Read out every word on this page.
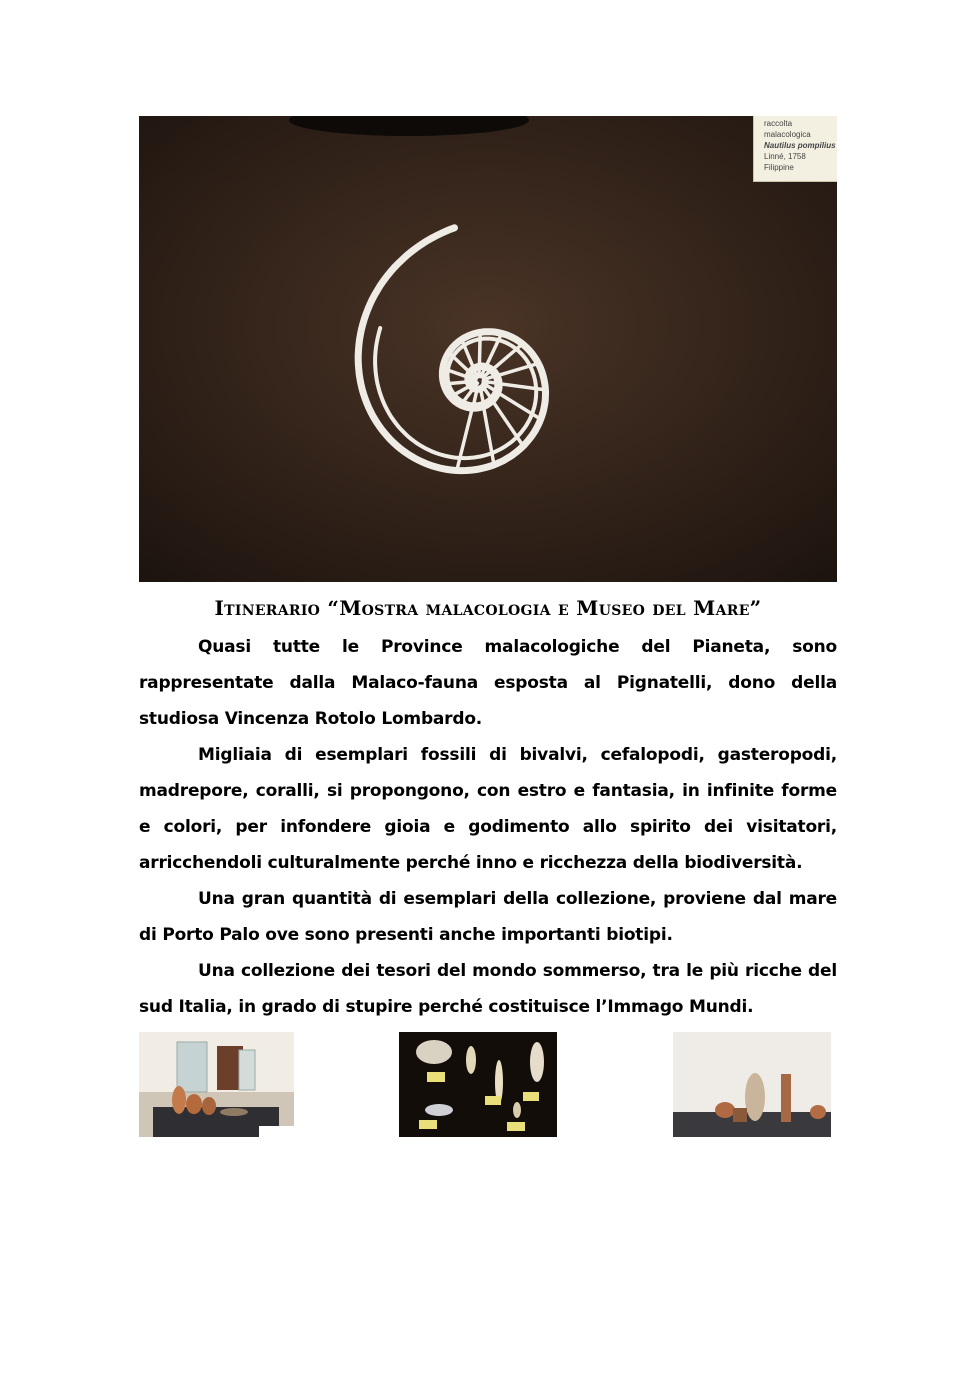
raccolta malacologica
Nautilus pompilius
Linné, 1758
Filippine
Itinerario “Mostra malacologia e Museo del Mare”

Quasi tutte le Province malacologiche del Pianeta, sono rappresentate dalla Malaco-fauna esposta al Pignatelli, dono della studiosa Vincenza Rotolo Lombardo.

Migliaia di esemplari fossili di bivalvi, cefalopodi, gasteropodi, madrepore, coralli, si propongono, con estro e fantasia, in infinite forme e colori, per infondere gioia e godimento allo spirito dei visitatori, arricchendoli culturalmente perché inno e ricchezza della biodiversità.

Una gran quantità di esemplari della collezione, proviene dal mare di Porto Palo ove sono presenti anche importanti biotipi.

Una collezione dei tesori del mondo sommerso, tra le più ricche del sud Italia, in grado di stupire perché costituisce l’Immago Mundi.
